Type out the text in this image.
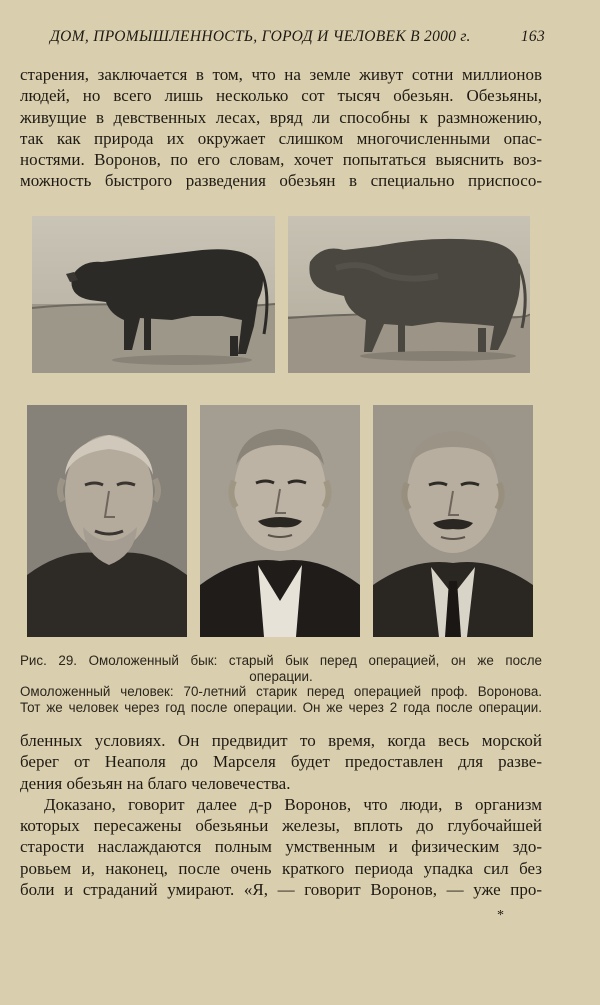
ДОМ, ПРОМЫШЛЕННОСТЬ, ГОРОД И ЧЕЛОВЕК В 2000 г.	163

старения, заключается в том, что на земле живут сотни миллионов

людей, но всего лишь несколько сот тысяч обезьян. Обезьяны,

живущие в девственных лесах, вряд ли способны к размножению,

так как природа их окружает слишком многочисленными опас-

ностями. Воронов, по его словам, хочет попытаться выяснить воз-

можность быстрого разведения обезьян в специально приспосо-

Рис. 29. Омоложенный бык: старый бык перед операцией, он же после

операции.

Омоложенный человек: 70-летний старик перед операцией проф. Воронова.

Тот же человек через год после операции. Он же через 2 года после операции.

бленных условиях. Он предвидит то время, когда весь морской

берег от Неаполя до Марселя будет предоставлен для разве-

дения обезьян на благо человечества.

Доказано, говорит далее д-р Воронов, что люди, в организм

которых пересажены обезьяньи железы, вплоть до глубочайшей

старости наслаждаются полным умственным и физическим здо-

ровьем и, наконец, после очень краткого периода упадка сил без

боли и страданий умирают. «Я, — говорит Воронов, — уже про-

*
